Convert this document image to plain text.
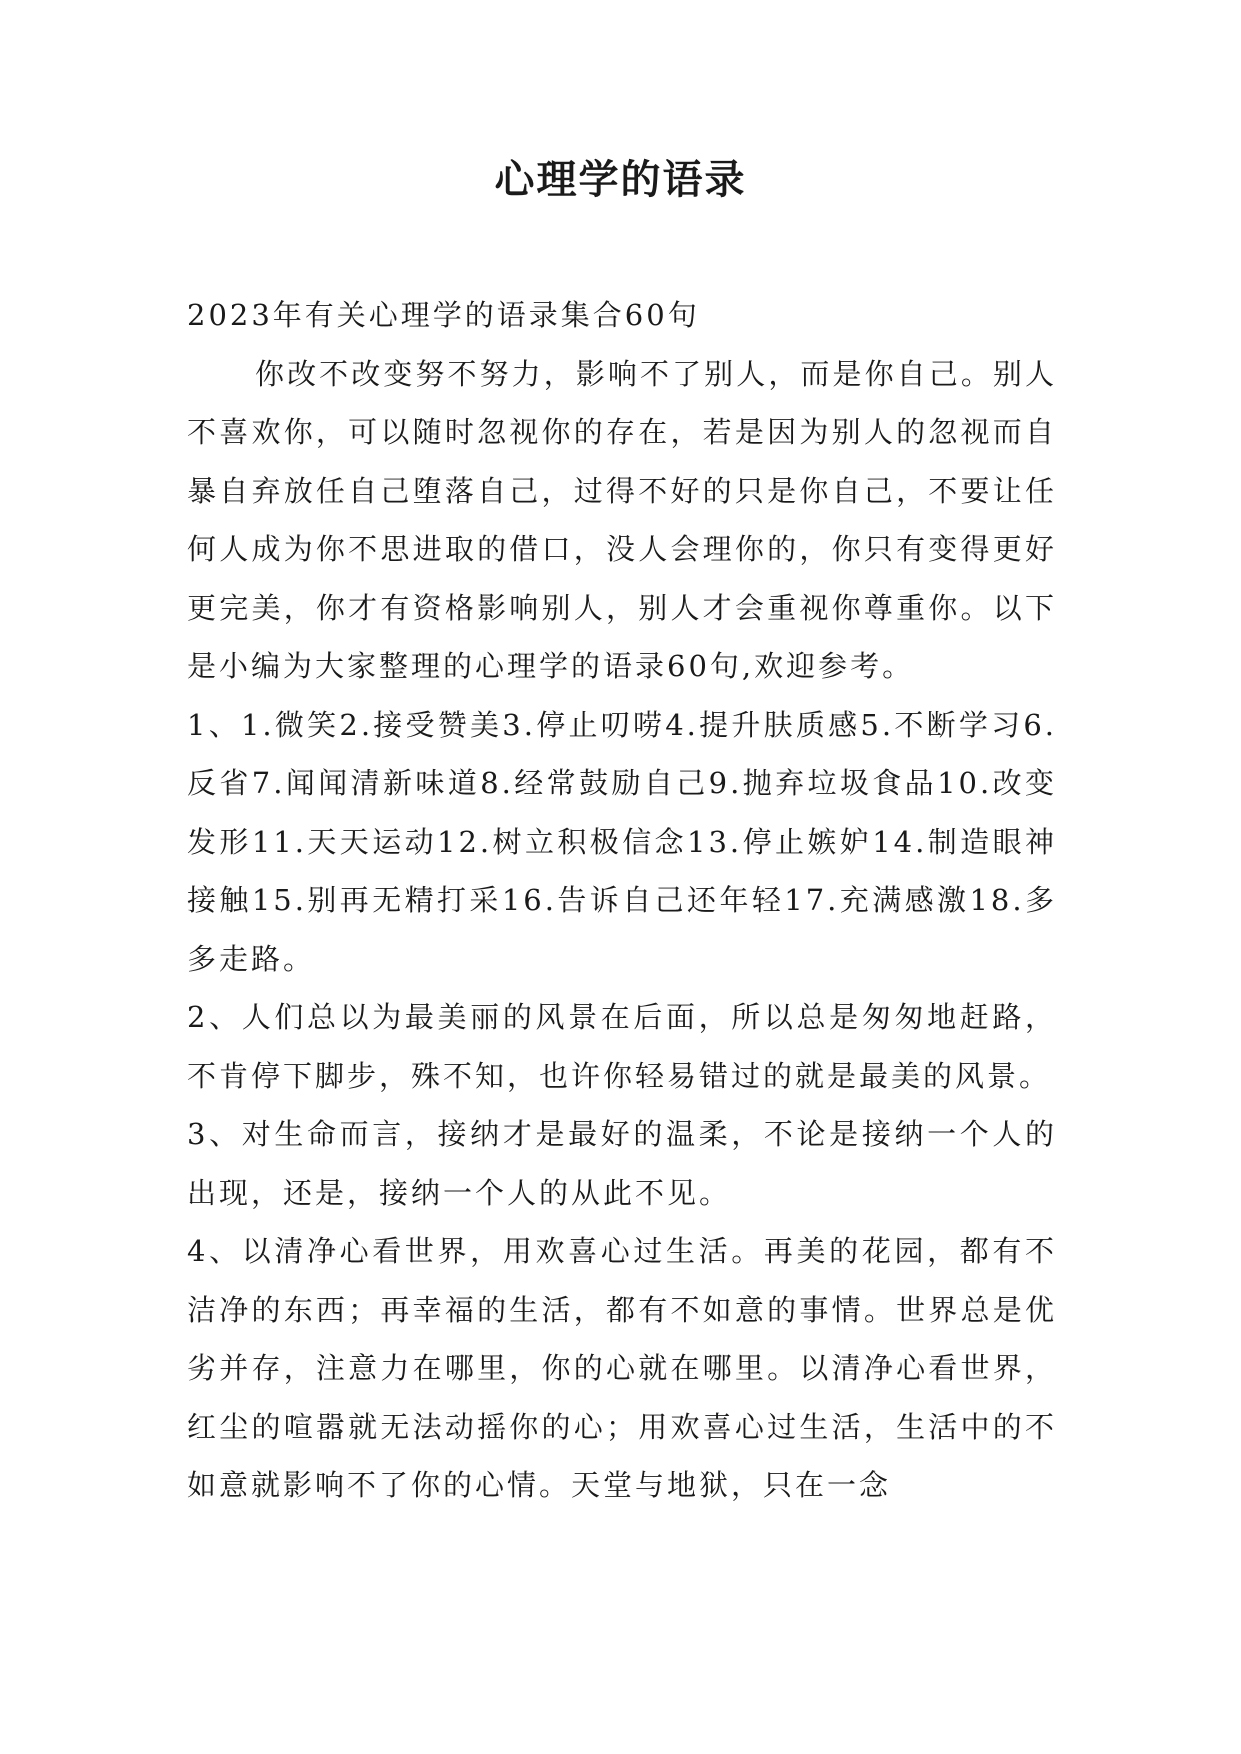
心理学的语录

2023年有关心理学的语录集合60句

你改不改变努不努力，影响不了别人，而是你自己。别人不喜欢你，可以随时忽视你的存在，若是因为别人的忽视而自暴自弃放任自己堕落自己，过得不好的只是你自己，不要让任何人成为你不思进取的借口，没人会理你的，你只有变得更好更完美，你才有资格影响别人，别人才会重视你尊重你。以下是小编为大家整理的心理学的语录60句,欢迎参考。

1、1.微笑2.接受赞美3.停止叨唠4.提升肤质感5.不断学习6.反省7.闻闻清新味道8.经常鼓励自己9.抛弃垃圾食品10.改变发形11.天天运动12.树立积极信念13.停止嫉妒14.制造眼神接触15.别再无精打采16.告诉自己还年轻17.充满感激18.多多走路。

2、人们总以为最美丽的风景在后面，所以总是匆匆地赶路，不肯停下脚步，殊不知，也许你轻易错过的就是最美的风景。

3、对生命而言，接纳才是最好的温柔，不论是接纳一个人的出现，还是，接纳一个人的从此不见。

4、以清净心看世界，用欢喜心过生活。再美的花园，都有不洁净的东西；再幸福的生活，都有不如意的事情。世界总是优劣并存，注意力在哪里，你的心就在哪里。以清净心看世界，红尘的喧嚣就无法动摇你的心；用欢喜心过生活，生活中的不如意就影响不了你的心情。天堂与地狱，只在一念
